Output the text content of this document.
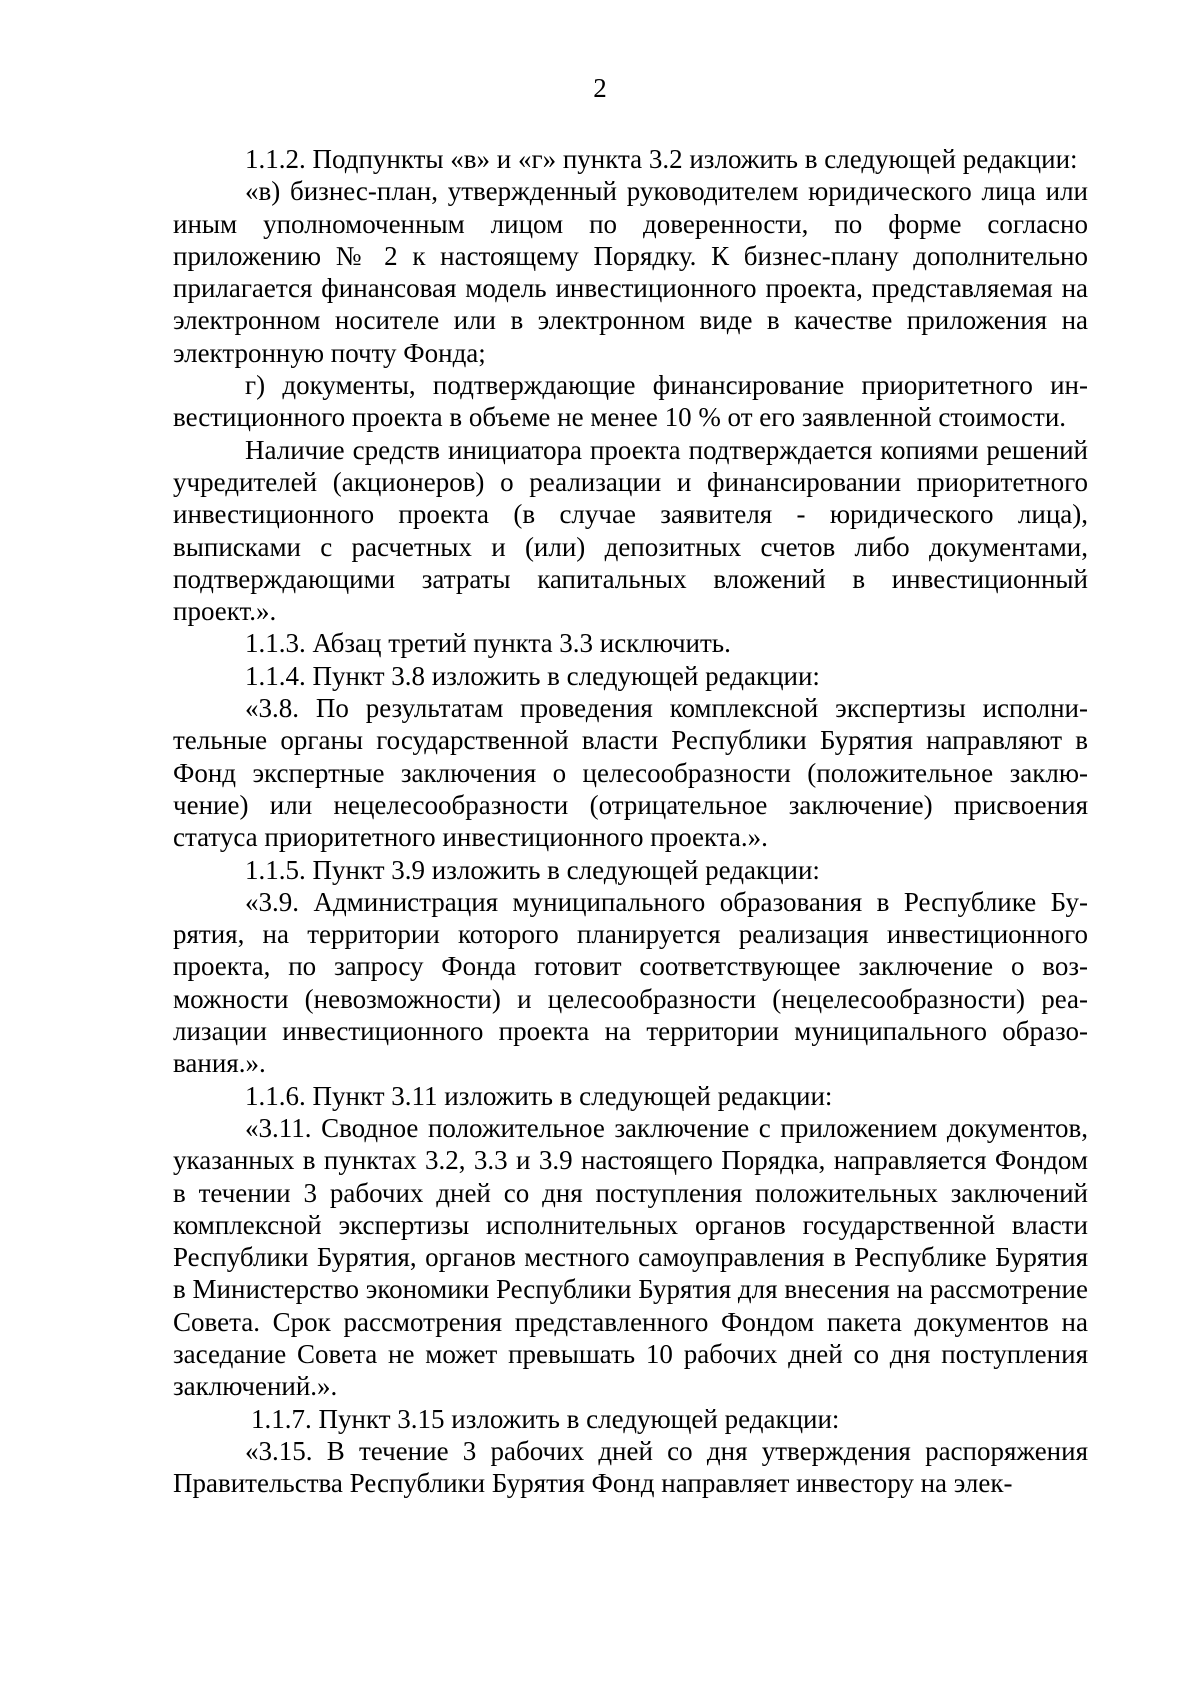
2

1.1.2. Подпункты «в» и «г» пункта 3.2 изложить в следующей редакции:

«в) бизнес-план, утвержденный руководителем юридического лица или иным уполномоченным лицом по доверенности, по форме согласно приложению № 2 к настоящему Порядку. К бизнес-плану дополнительно прилагается финансовая модель инвестиционного проекта, представляемая на электронном носителе или в электронном виде в качестве приложения на электронную почту Фонда;

г) документы, подтверждающие финансирование приоритетного инвестиционного проекта в объеме не менее 10 % от его заявленной стоимости.

Наличие средств инициатора проекта подтверждается копиями решений учредителей (акционеров) о реализации и финансировании приоритетного инвестиционного проекта (в случае заявителя - юридического лица), выписками с расчетных и (или) депозитных счетов либо документами, подтверждающими затраты капитальных вложений в инвестиционный проект.».

1.1.3. Абзац третий пункта 3.3 исключить.

1.1.4. Пункт 3.8 изложить в следующей редакции:

«3.8. По результатам проведения комплексной экспертизы исполнительные органы государственной власти Республики Бурятия направляют в Фонд экспертные заключения о целесообразности (положительное заключение) или нецелесообразности (отрицательное заключение) присвоения статуса приоритетного инвестиционного проекта.».

1.1.5. Пункт 3.9 изложить в следующей редакции:

«3.9. Администрация муниципального образования в Республике Бурятия, на территории которого планируется реализация инвестиционного проекта, по запросу Фонда готовит соответствующее заключение о возможности (невозможности) и целесообразности (нецелесообразности) реализации инвестиционного проекта на территории муниципального образования.».

1.1.6. Пункт 3.11 изложить в следующей редакции:

«3.11. Сводное положительное заключение с приложением документов, указанных в пунктах 3.2, 3.3 и 3.9 настоящего Порядка, направляется Фондом в течении 3 рабочих дней со дня поступления положительных заключений комплексной экспертизы исполнительных органов государственной власти Республики Бурятия, органов местного самоуправления в Республике Бурятия в Министерство экономики Республики Бурятия для внесения на рассмотрение Совета. Срок рассмотрения представленного Фондом пакета документов на заседание Совета не может превышать 10 рабочих дней со дня поступления заключений.».

1.1.7. Пункт 3.15 изложить в следующей редакции:

«3.15. В течение 3 рабочих дней со дня утверждения распоряжения Правительства Республики Бурятия Фонд направляет инвестору на элек-
